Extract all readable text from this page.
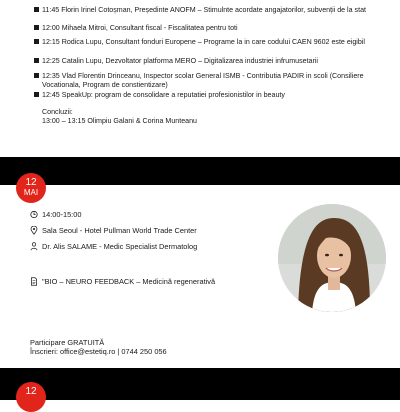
11:45 Florin Irinel Cotoșman, Președinte ANOFM – Stimulnte acordate angajatorilor, subvenții de la stat
12:00 Mihaela Mitroi, Consultant fiscal - Fiscalitatea pentru toti
12:15 Rodica Lupu, Consultant fonduri Europene – Programe la in care codului CAEN 9602 este eigibil
12:25 Catalin Lupu, Dezvoltator platforma MERO – Digitalizarea industriei infrumusetarii
12:35 Vlad Florentin Drinceanu, Inspector scolar General ISMB - Contributia PADIR in scoli (Consiliere Vocationala, Program de constientizare)
12:45 SpeakUp: program de consolidare a reputatiei profesionistilor in beauty
Concluzii:
13:00 – 13:15 Olimpiu Galani & Corina Munteanu
12
MAI
14:00-15:00
Sala Seoul - Hotel Pullman World Trade Center
Dr. Alis SALAME - Medic Specialist Dermatolog
"BIO – NEURO FEEDBACK – Medicină regenerativă
Participare GRATUITĂ
Înscrieri: office@estetiq.ro | 0744 250 056
12
